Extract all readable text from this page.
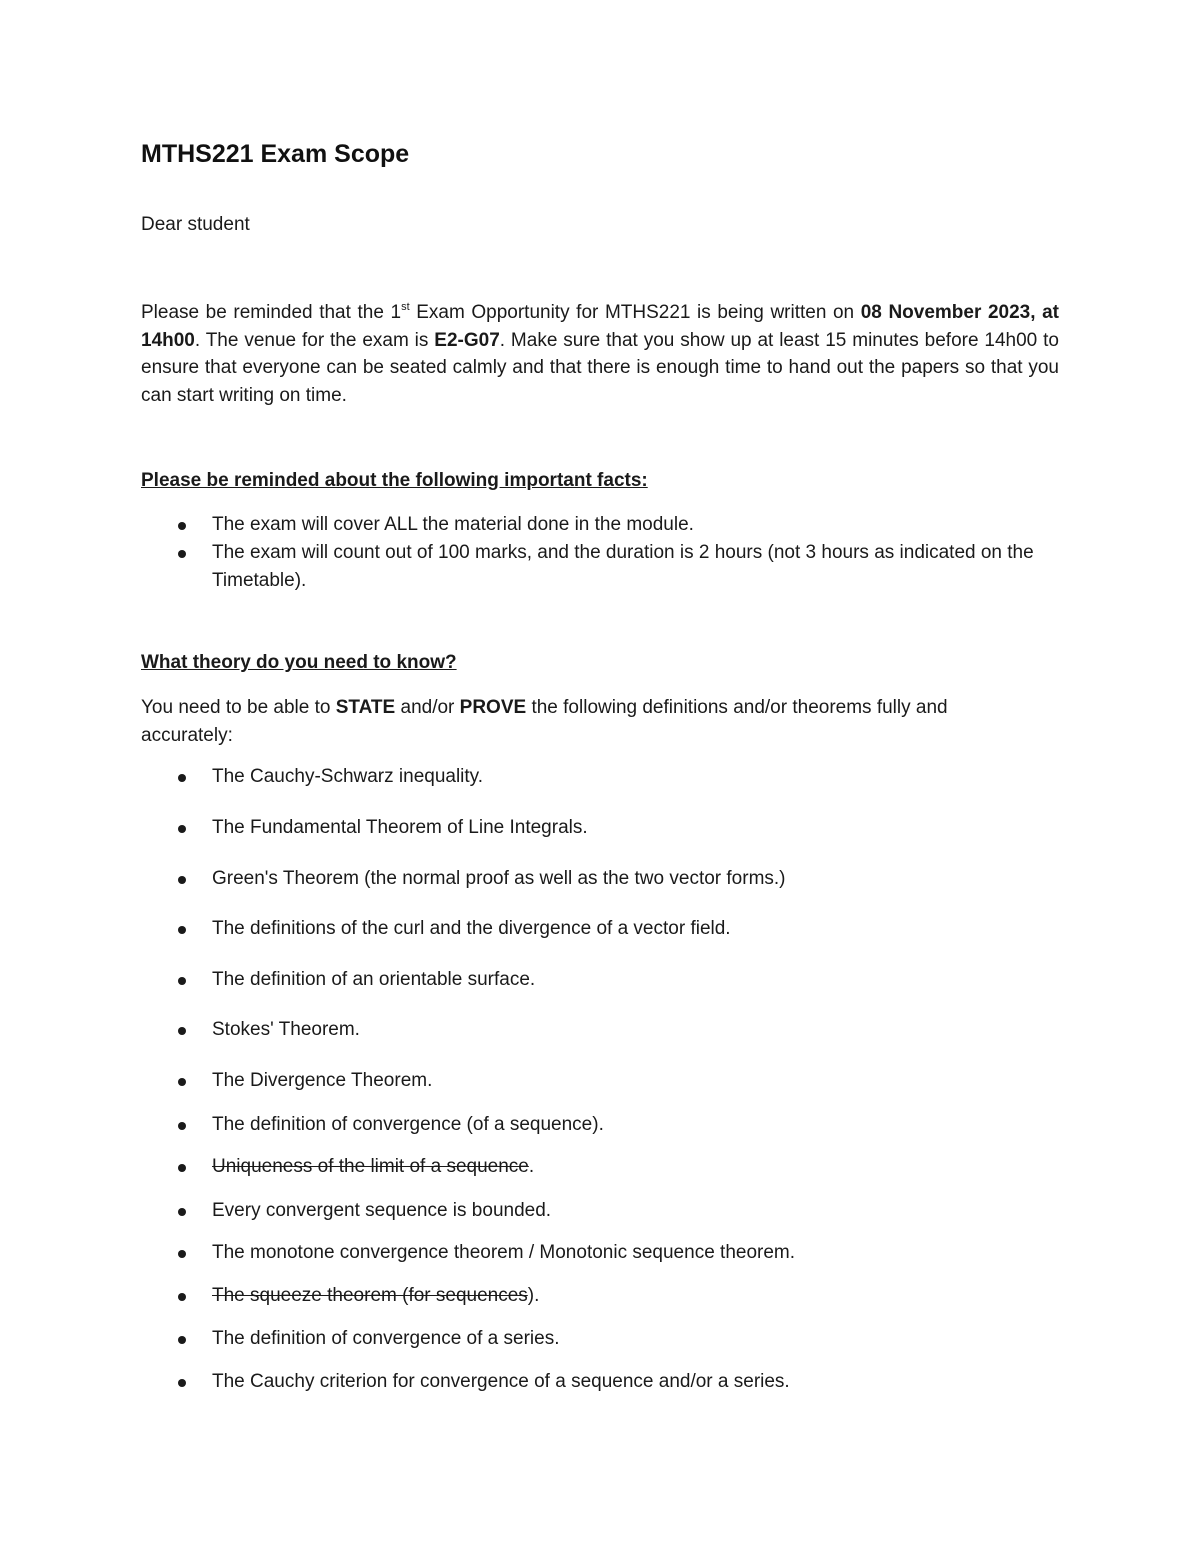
MTHS221 Exam Scope

Dear student

Please be reminded that the 1st Exam Opportunity for MTHS221 is being written on 08 November 2023, at 14h00. The venue for the exam is E2-G07. Make sure that you show up at least 15 minutes before 14h00 to ensure that everyone can be seated calmly and that there is enough time to hand out the papers so that you can start writing on time.

Please be reminded about the following important facts:

The exam will cover ALL the material done in the module.
The exam will count out of 100 marks, and the duration is 2 hours (not 3 hours as indicated on the Timetable).

What theory do you need to know?

You need to be able to STATE and/or PROVE the following definitions and/or theorems fully and accurately:

The Cauchy-Schwarz inequality.
The Fundamental Theorem of Line Integrals.
Green's Theorem (the normal proof as well as the two vector forms.)
The definitions of the curl and the divergence of a vector field.
The definition of an orientable surface.
Stokes' Theorem.
The Divergence Theorem.
The definition of convergence (of a sequence).
Uniqueness of the limit of a sequence.
Every convergent sequence is bounded.
The monotone convergence theorem / Monotonic sequence theorem.
The squeeze theorem (for sequences).
The definition of convergence of a series.
The Cauchy criterion for convergence of a sequence and/or a series.
